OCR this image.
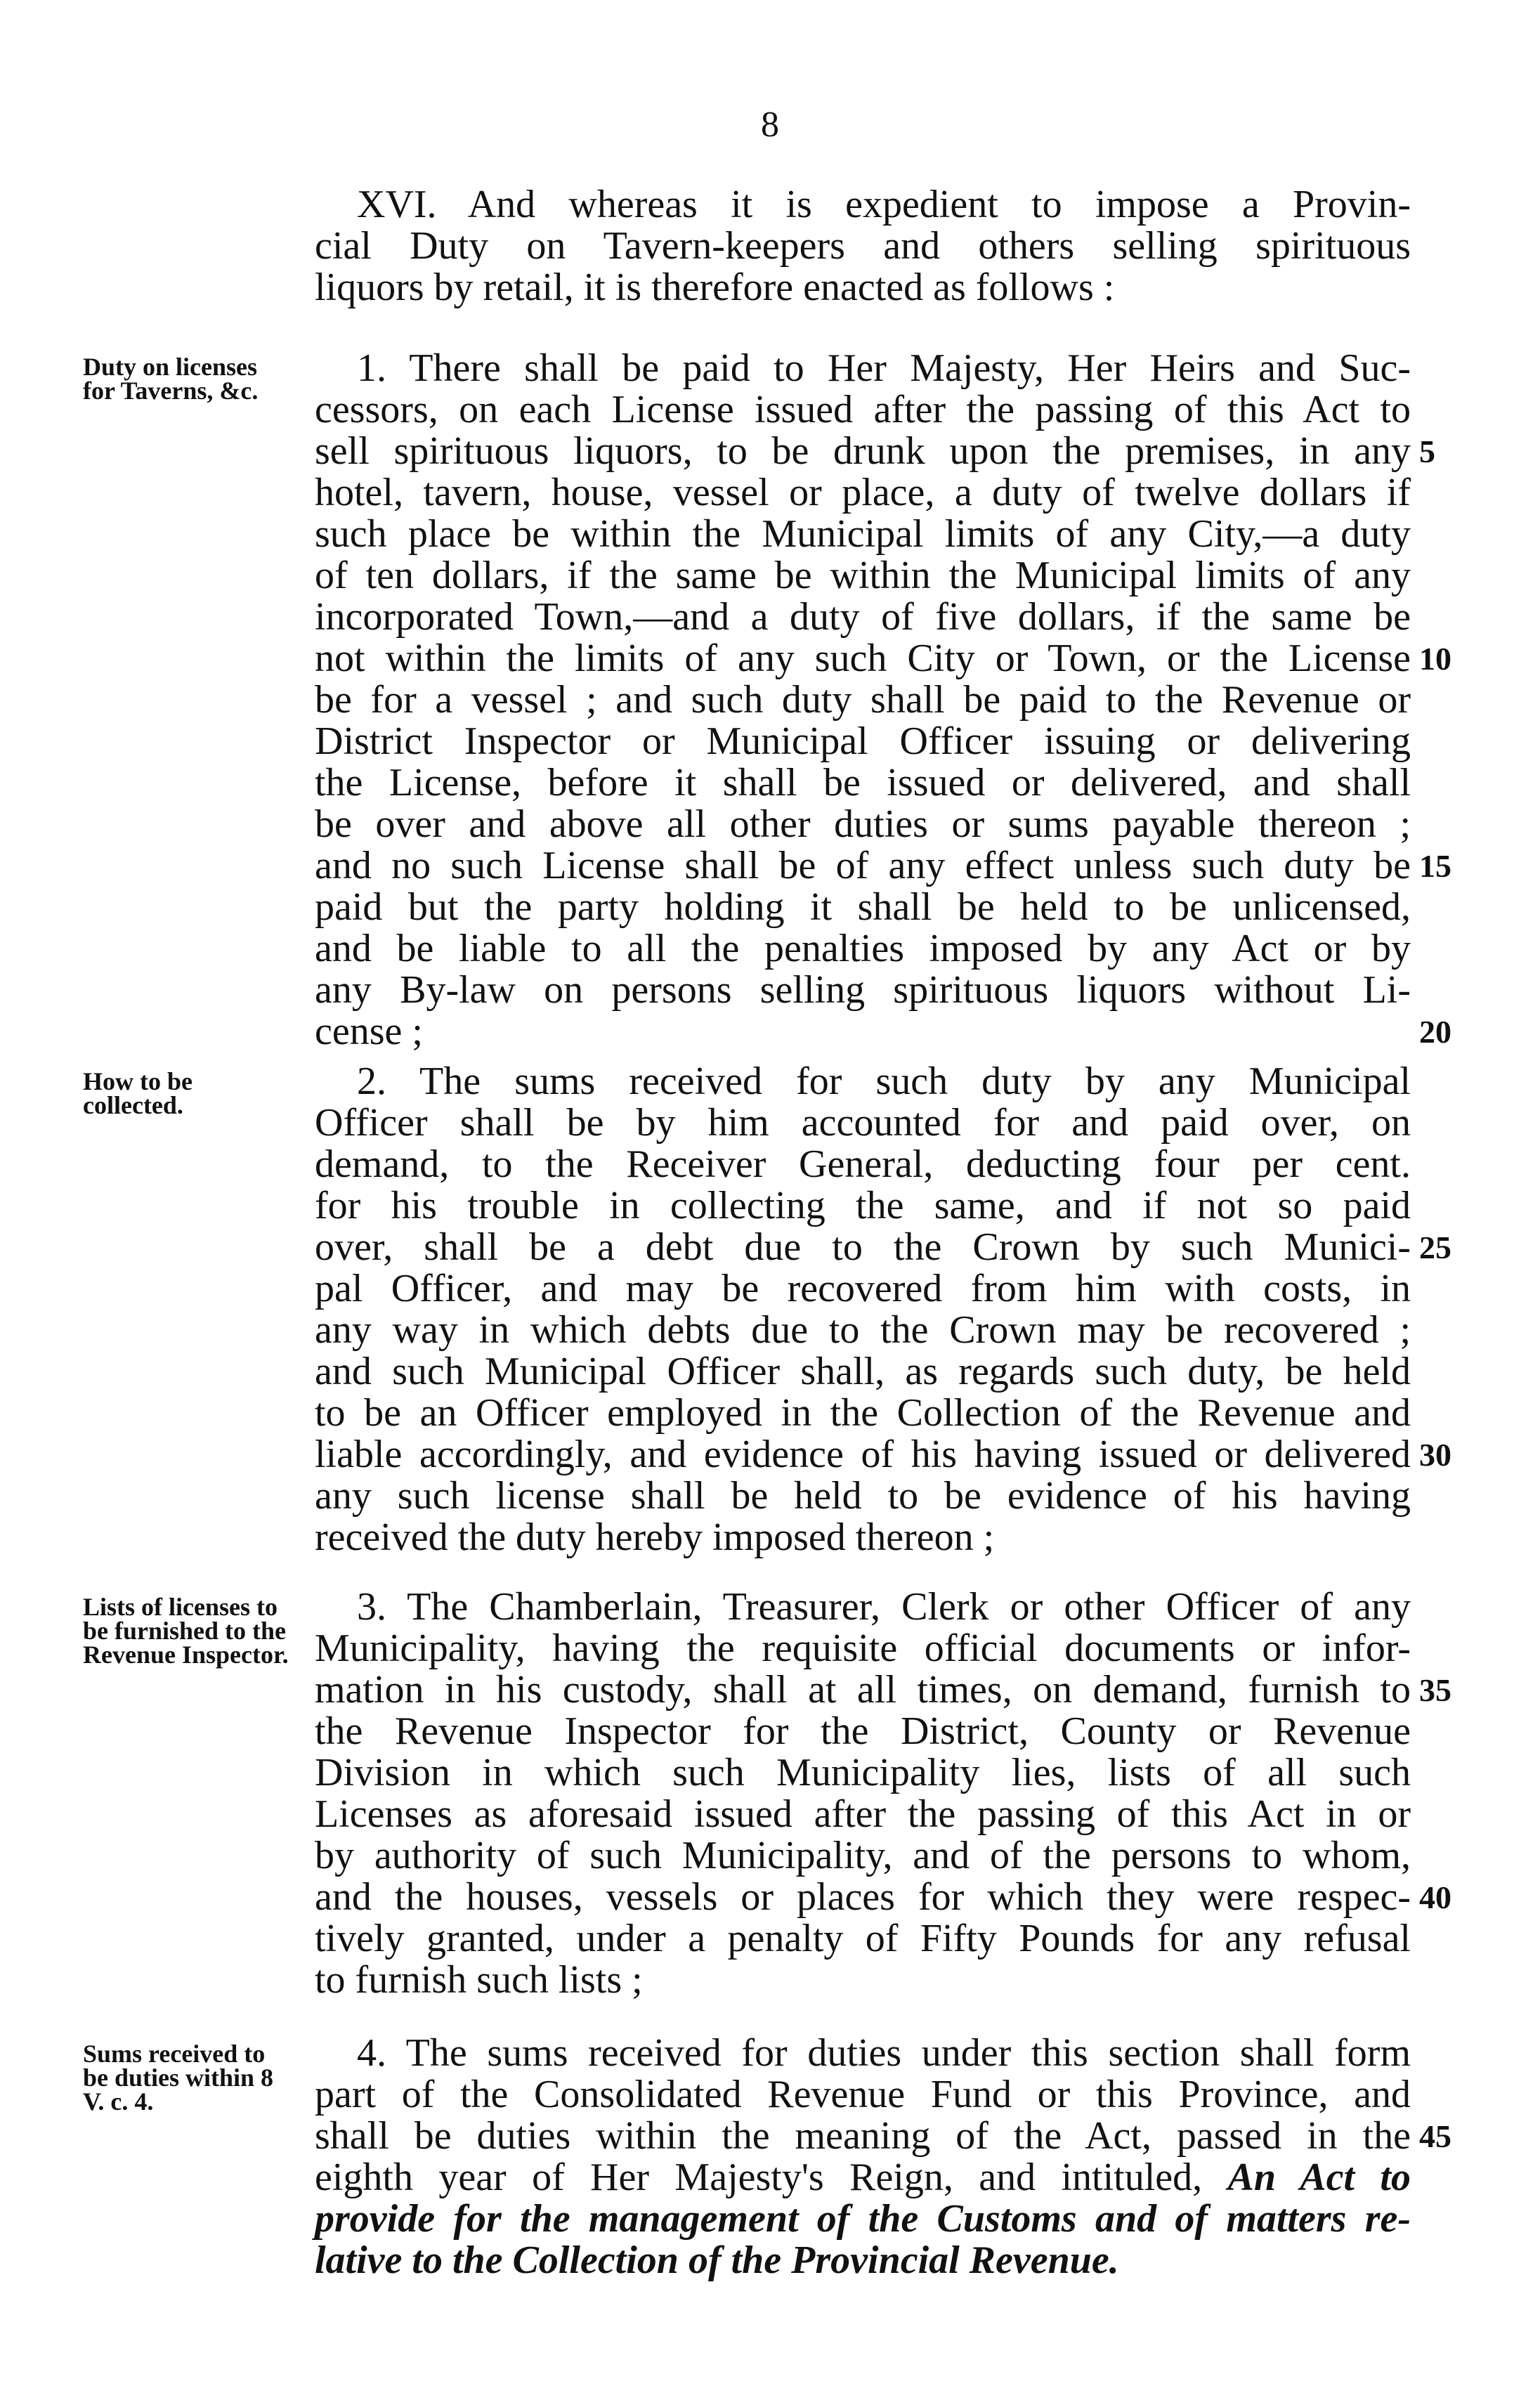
8
XVI. And whereas it is expedient to impose a Provin-
cial Duty on Tavern-keepers and others selling spirituous
liquors by retail, it is therefore enacted as follows :
Duty on licenses for Taverns, &c.
1. There shall be paid to Her Majesty, Her Heirs and Suc-
cessors, on each License issued after the passing of this Act to
sell spirituous liquors, to be drunk upon the premises, in any
hotel, tavern, house, vessel or place, a duty of twelve dollars if
such place be within the Municipal limits of any City,—a duty
of ten dollars, if the same be within the Municipal limits of any
incorporated Town,—and a duty of five dollars, if the same be
not within the limits of any such City or Town, or the License
be for a vessel ; and such duty shall be paid to the Revenue or
District Inspector or Municipal Officer issuing or delivering
the License, before it shall be issued or delivered, and shall
be over and above all other duties or sums payable thereon ;
and no such License shall be of any effect unless such duty be
paid but the party holding it shall be held to be unlicensed,
and be liable to all the penalties imposed by any Act or by
any By-law on persons selling spirituous liquors without Li-
cense ;
How to be collected.
2. The sums received for such duty by any Municipal
Officer shall be by him accounted for and paid over, on
demand, to the Receiver General, deducting four per cent.
for his trouble in collecting the same, and if not so paid
over, shall be a debt due to the Crown by such Munici-
pal Officer, and may be recovered from him with costs, in
any way in which debts due to the Crown may be recovered ;
and such Municipal Officer shall, as regards such duty, be held
to be an Officer employed in the Collection of the Revenue and
liable accordingly, and evidence of his having issued or delivered
any such license shall be held to be evidence of his having
received the duty hereby imposed thereon ;
Lists of licenses to be furnished to the Revenue Inspector.
3. The Chamberlain, Treasurer, Clerk or other Officer of any
Municipality, having the requisite official documents or infor-
mation in his custody, shall at all times, on demand, furnish to
the Revenue Inspector for the District, County or Revenue
Division in which such Municipality lies, lists of all such
Licenses as aforesaid issued after the passing of this Act in or
by authority of such Municipality, and of the persons to whom,
and the houses, vessels or places for which they were respec-
tively granted, under a penalty of Fifty Pounds for any refusal
to furnish such lists ;
Sums received to be duties within 8 V. c. 4.
4. The sums received for duties under this section shall form
part of the Consolidated Revenue Fund or this Province, and
shall be duties within the meaning of the Act, passed in the
eighth year of Her Majesty's Reign, and intituled, An Act to
provide for the management of the Customs and of matters re-
lative to the Collection of the Provincial Revenue.
5
10
15
20
25
30
35
40
45
